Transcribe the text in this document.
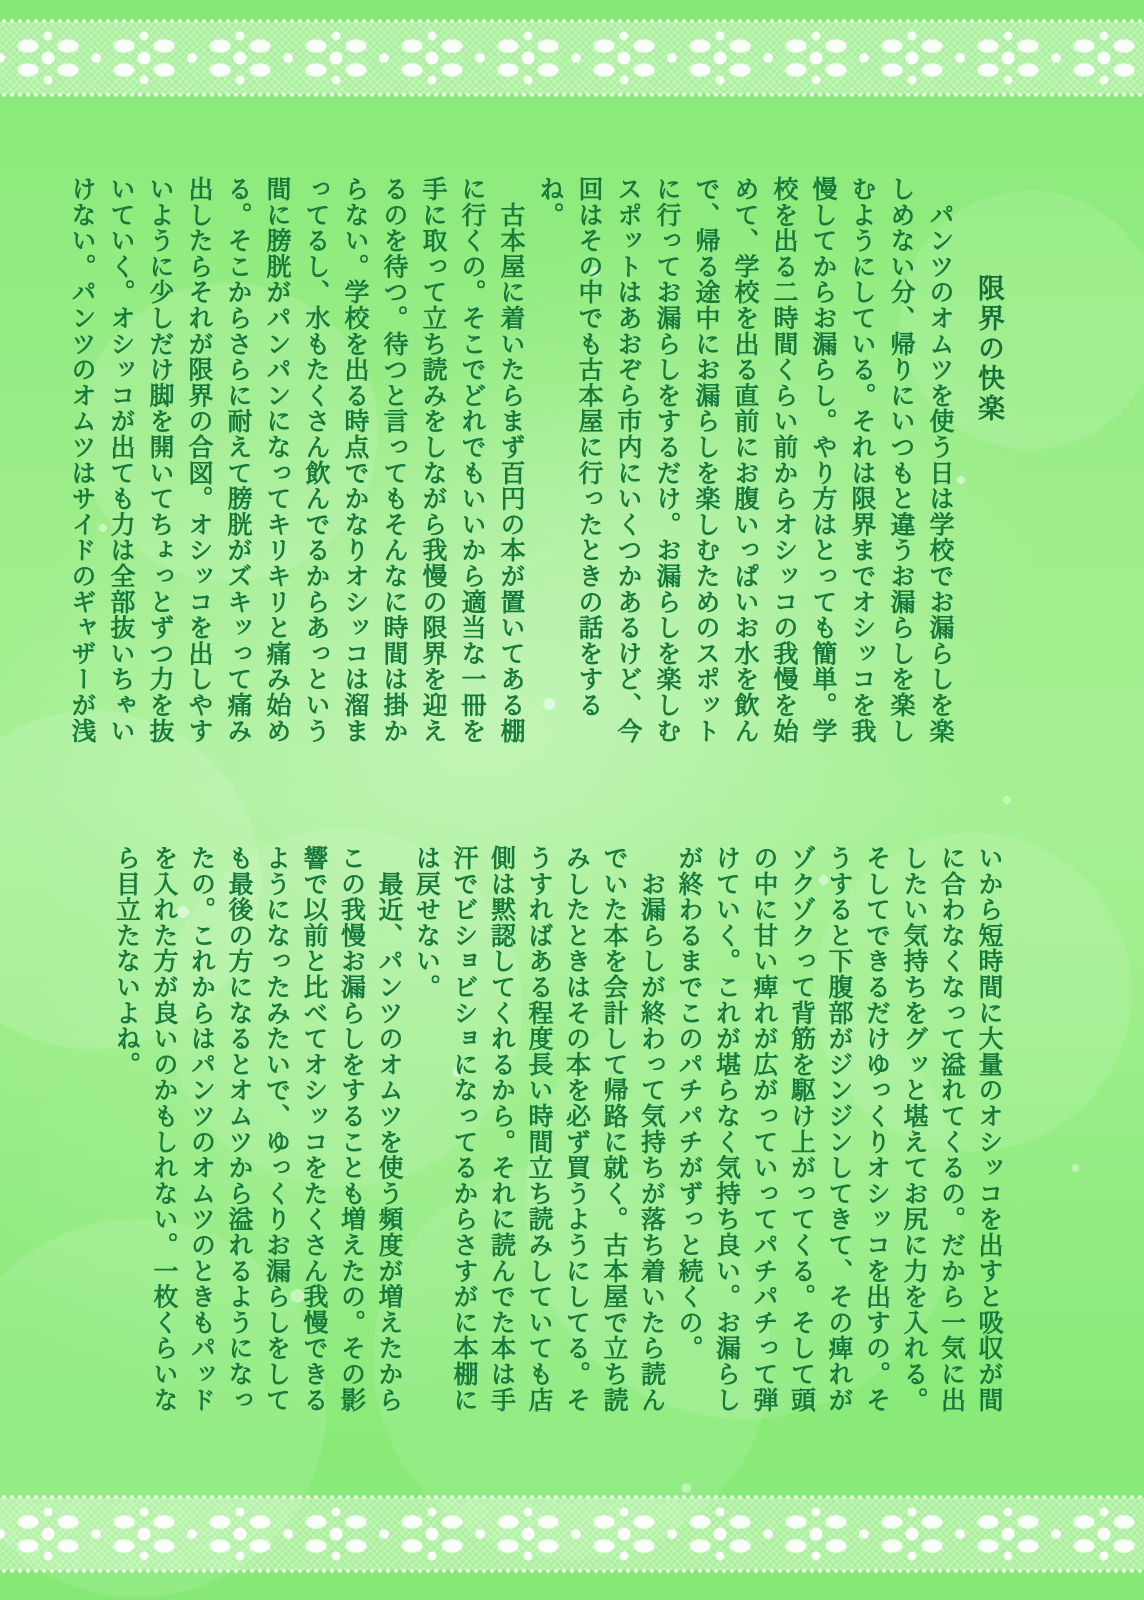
限界の快楽

　パンツのオムツを使う日は学校でお漏らしを楽しめない分、帰りにいつもと違うお漏らしを楽しむようにしている。それは限界までオシッコを我慢してからお漏らし。やり方はとっても簡単。学校を出る二時間くらい前からオシッコの我慢を始めて、学校を出る直前にお腹いっぱいお水を飲んで、帰る途中にお漏らしを楽しむためのスポットに行ってお漏らしをするだけ。お漏らしを楽しむスポットはあおぞら市内にいくつかあるけど、今回はその中でも古本屋に行ったときの話をするね。

　古本屋に着いたらまず百円の本が置いてある棚に行くの。そこでどれでもいいから適当な一冊を手に取って立ち読みをしながら我慢の限界を迎えるのを待つ。待つと言ってもそんなに時間は掛からない。学校を出る時点でかなりオシッコは溜まってるし、水もたくさん飲んでるからあっという間に膀胱がパンパンになってキリキリと痛み始める。そこからさらに耐えて膀胱がズキッって痛み出したらそれが限界の合図。オシッコを出しやすいように少しだけ脚を開いてちょっとずつ力を抜いていく。オシッコが出ても力は全部抜いちゃいけない。パンツのオムツはサイドのギャザーが浅

いから短時間に大量のオシッコを出すと吸収が間に合わなくなって溢れてくるの。だから一気に出したい気持ちをグッと堪えてお尻に力を入れる。そしてできるだけゆっくりオシッコを出すの。そうすると下腹部がジンジンしてきて、その痺れがゾクゾクって背筋を駆け上がってくる。そして頭の中に甘い痺れが広がっていってパチパチって弾けていく。これが堪らなく気持ち良い。お漏らしが終わるまでこのパチパチがずっと続くの。

　お漏らしが終わって気持ちが落ち着いたら読んでいた本を会計して帰路に就く。古本屋で立ち読みしたときはその本を必ず買うようにしてる。そうすればある程度長い時間立ち読みしていても店側は黙認してくれるから。それに読んでた本は手汗でビショビショになってるからさすがに本棚には戻せない。

　最近、パンツのオムツを使う頻度が増えたからこの我慢お漏らしをすることも増えたの。その影響で以前と比べてオシッコをたくさん我慢できるようになったみたいで、ゆっくりお漏らしをしても最後の方になるとオムツから溢れるようになったの。これからはパンツのオムツのときもパッドを入れた方が良いのかもしれない。一枚くらいなら目立たないよね。
